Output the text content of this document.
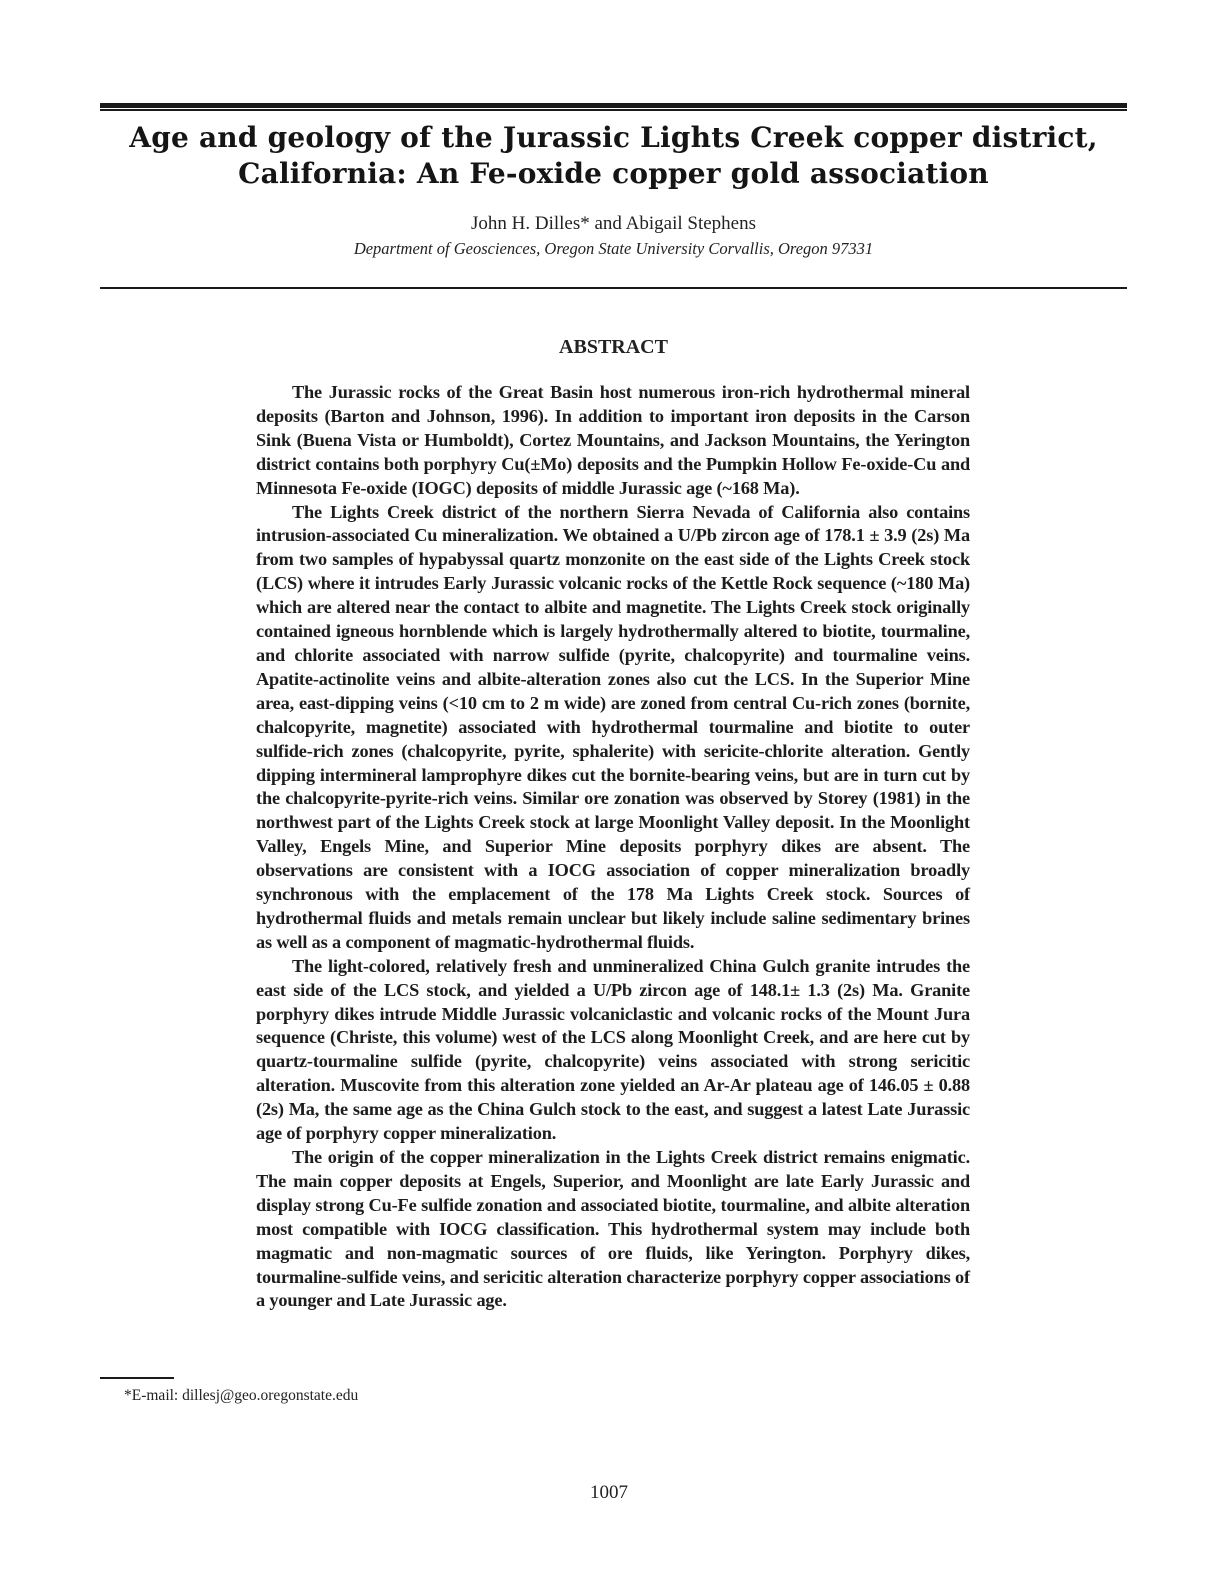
Age and geology of the Jurassic Lights Creek copper district,
California: An Fe-oxide copper gold association
John H. Dilles* and Abigail Stephens
Department of Geosciences, Oregon State University Corvallis, Oregon 97331
ABSTRACT

The Jurassic rocks of the Great Basin host numerous iron-rich hydrothermal mineral deposits (Barton and Johnson, 1996). In addition to important iron deposits in the Carson Sink (Buena Vista or Humboldt), Cortez Mountains, and Jackson Mountains, the Yerington district contains both porphyry Cu(±Mo) deposits and the Pumpkin Hollow Fe-oxide-Cu and Minnesota Fe-oxide (IOGC) deposits of middle Jurassic age (~168 Ma).

The Lights Creek district of the northern Sierra Nevada of California also contains intrusion-associated Cu mineralization. We obtained a U/Pb zircon age of 178.1 ± 3.9 (2s) Ma from two samples of hypabyssal quartz monzonite on the east side of the Lights Creek stock (LCS) where it intrudes Early Jurassic volcanic rocks of the Kettle Rock sequence (~180 Ma) which are altered near the contact to albite and magnetite. The Lights Creek stock originally contained igneous hornblende which is largely hydrothermally altered to biotite, tourmaline, and chlorite associated with narrow sulfide (pyrite, chalcopyrite) and tourmaline veins. Apatite-actinolite veins and albite-alteration zones also cut the LCS. In the Superior Mine area, east-dipping veins (<10 cm to 2 m wide) are zoned from central Cu-rich zones (bornite, chalcopyrite, magnetite) associated with hydrothermal tourmaline and biotite to outer sulfide-rich zones (chalcopyrite, pyrite, sphalerite) with sericite-chlorite alteration. Gently dipping intermineral lamprophyre dikes cut the bornite-bearing veins, but are in turn cut by the chalcopyrite-pyrite-rich veins. Similar ore zonation was observed by Storey (1981) in the northwest part of the Lights Creek stock at large Moonlight Valley deposit. In the Moonlight Valley, Engels Mine, and Superior Mine deposits porphyry dikes are absent. The observations are consistent with a IOCG association of copper mineralization broadly synchronous with the emplacement of the 178 Ma Lights Creek stock. Sources of hydrothermal fluids and metals remain unclear but likely include saline sedimentary brines as well as a component of magmatic-hydrothermal fluids.

The light-colored, relatively fresh and unmineralized China Gulch granite intrudes the east side of the LCS stock, and yielded a U/Pb zircon age of 148.1± 1.3 (2s) Ma. Granite porphyry dikes intrude Middle Jurassic volcaniclastic and volcanic rocks of the Mount Jura sequence (Christe, this volume) west of the LCS along Moonlight Creek, and are here cut by quartz-tourmaline sulfide (pyrite, chalcopyrite) veins associated with strong sericitic alteration. Muscovite from this alteration zone yielded an Ar-Ar plateau age of 146.05 ± 0.88 (2s) Ma, the same age as the China Gulch stock to the east, and suggest a latest Late Jurassic age of porphyry copper mineralization.

The origin of the copper mineralization in the Lights Creek district remains enigmatic. The main copper deposits at Engels, Superior, and Moonlight are late Early Jurassic and display strong Cu-Fe sulfide zonation and associated biotite, tourmaline, and albite alteration most compatible with IOCG classification. This hydrothermal system may include both magmatic and non-magmatic sources of ore fluids, like Yerington. Porphyry dikes, tourmaline-sulfide veins, and sericitic alteration characterize porphyry copper associations of a younger and Late Jurassic age.

*E-mail: dillesj@geo.oregonstate.edu
1007
